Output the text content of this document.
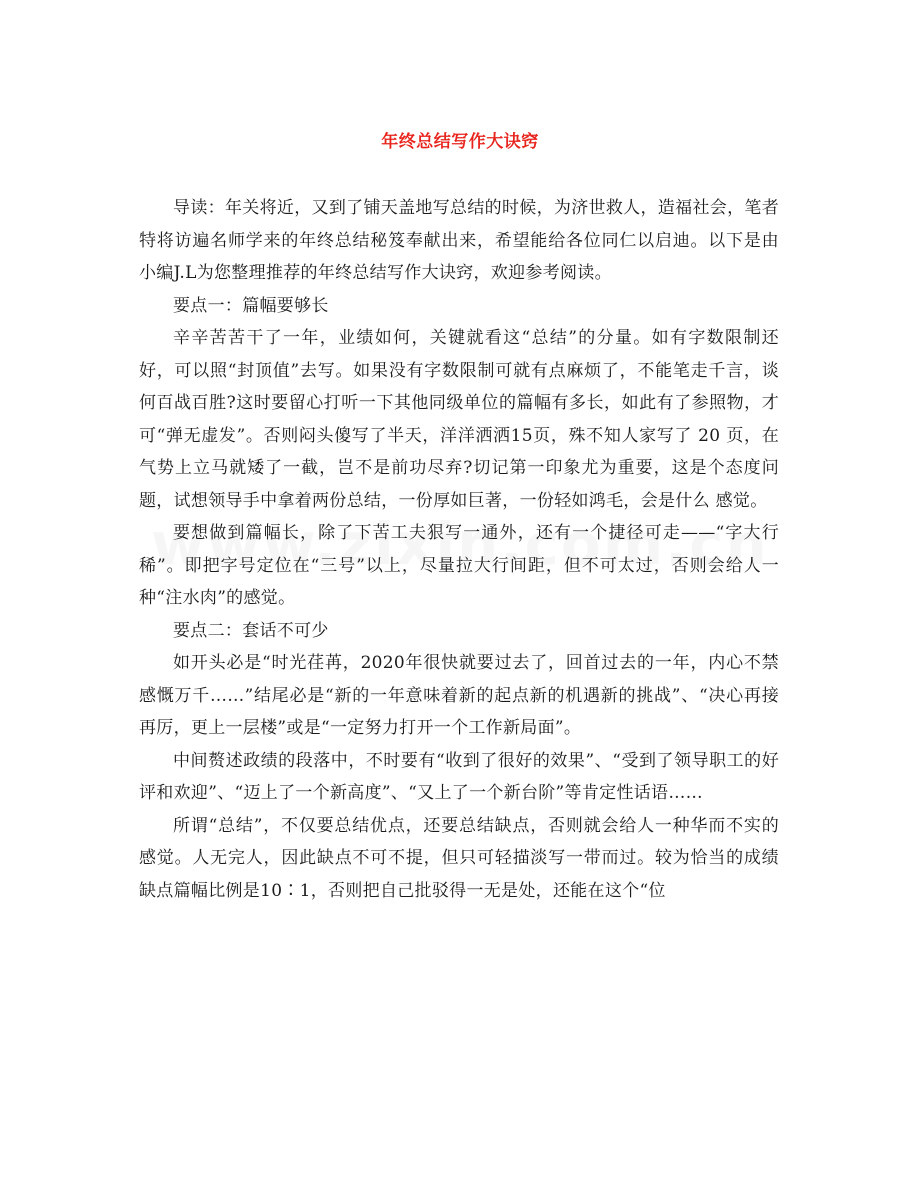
年终总结写作大诀窍

导读：年关将近，又到了铺天盖地写总结的时候，为济世救人，造福社会，笔者特将访遍名师学来的年终总结秘笈奉献出来，希望能给各位同仁以启迪。以下是由小编J.L为您整理推荐的年终总结写作大诀窍，欢迎参考阅读。

要点一：篇幅要够长

辛辛苦苦干了一年，业绩如何，关键就看这“总结”的分量。如有字数限制还好，可以照“封顶值”去写。如果没有字数限制可就有点麻烦了，不能笔走千言，谈 何百战百胜?这时要留心打听一下其他同级单位的篇幅有多长，如此有了参照物，才可“弹无虚发”。否则闷头傻写了半天，洋洋洒洒15页，殊不知人家写了 20 页，在气势上立马就矮了一截，岂不是前功尽弃?切记第一印象尤为重要，这是个态度问题，试想领导手中拿着两份总结，一份厚如巨著，一份轻如鸿毛，会是什么 感觉。

要想做到篇幅长，除了下苦工夫狠写一通外，还有一个捷径可走——“字大行稀”。即把字号定位在“三号”以上，尽量拉大行间距，但不可太过，否则会给人一种“注水肉”的感觉。

要点二：套话不可少

如开头必是“时光荏苒，2020年很快就要过去了，回首过去的一年，内心不禁感慨万千……”结尾必是“新的一年意味着新的起点新的机遇新的挑战”、“决心再接再厉，更上一层楼”或是“一定努力打开一个工作新局面”。

中间赘述政绩的段落中，不时要有“收到了很好的效果”、“受到了领导职工的好评和欢迎”、“迈上了一个新高度”、“又上了一个新台阶”等肯定性话语……

所谓“总结”，不仅要总结优点，还要总结缺点，否则就会给人一种华而不实的感觉。人无完人，因此缺点不可不提，但只可轻描淡写一带而过。较为恰当的成绩 缺点篇幅比例是10∶1，否则把自己批驳得一无是处，还能在这个“位
